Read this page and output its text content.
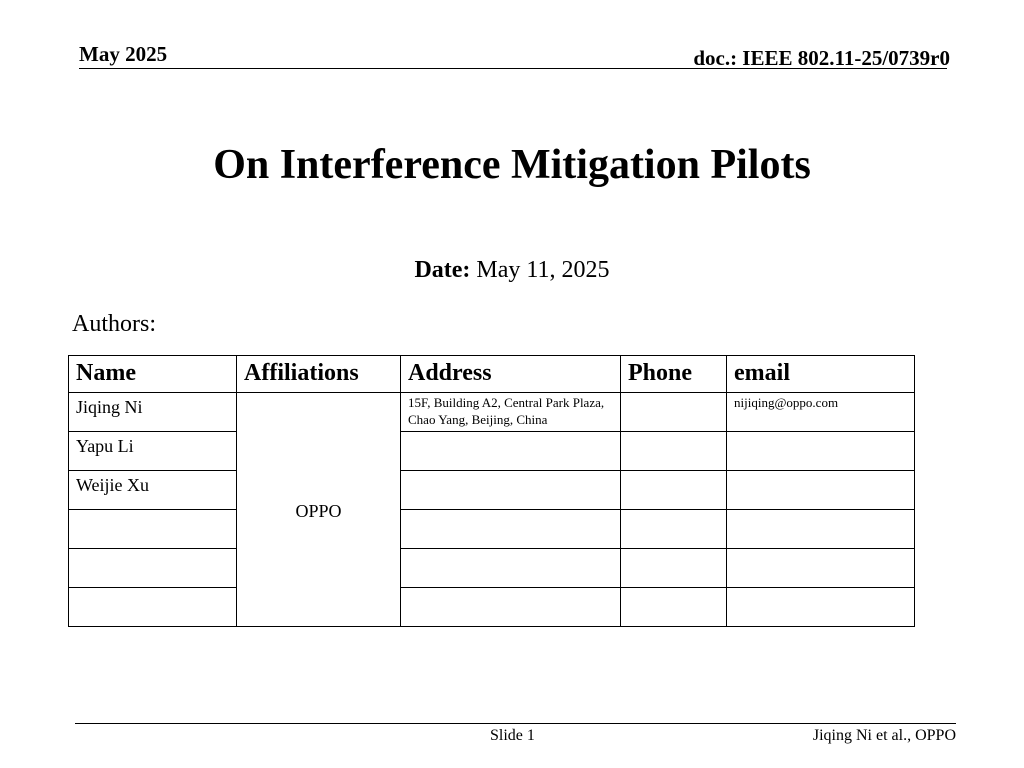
May 2025	doc.: IEEE 802.11-25/0739r0
On Interference Mitigation Pilots
Date: May 11, 2025
Authors:
Name	Affiliations	Address	Phone	email
Jiqing Ni	OPPO	15F, Building A2, Central Park Plaza, Chao Yang, Beijing, China		nijiqing@oppo.com
Yapu Li				
Weijie Xu				

Slide 1	Jiqing Ni et al., OPPO
